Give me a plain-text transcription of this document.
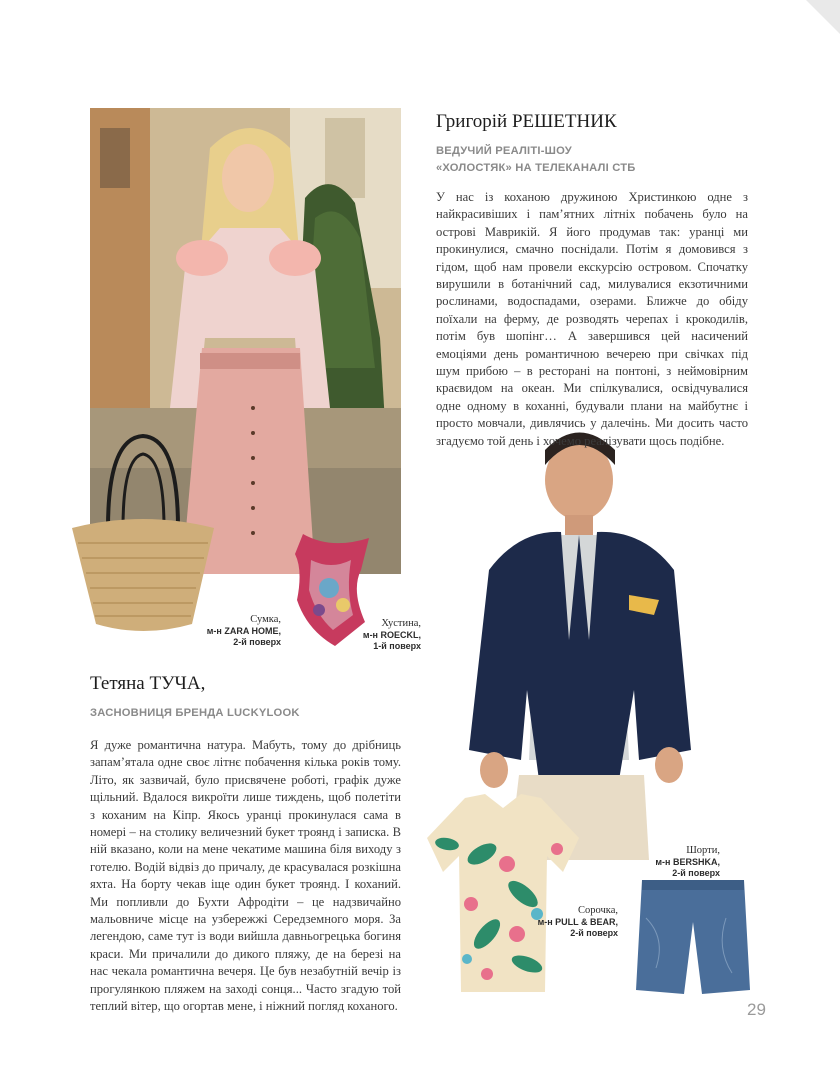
Григорій РЕШЕТНИК
ВЕДУЧИЙ РЕАЛІТІ-ШОУ
«ХОЛОСТЯК» НА ТЕЛЕКАНАЛІ СТБ

У нас із коханою дружиною Христинкою одне з найкрасивіших і пам’ятних літніх побачень було на острові Маврикій. Я його продумав так: уранці ми прокинулися, смачно поснідали. Потім я домовився з гідом, щоб нам провели екскурсію островом. Спочатку вирушили в ботанічний сад, милувалися екзотичними рослинами, водоспадами, озерами. Ближче до обіду поїхали на ферму, де розводять черепах і крокодилів, потім був шопінг… А завершився цей насичений емоціями день романтичною вечерею при свічках під шум прибою – в ресторані на понтоні, з неймовірним краєвидом на океан. Ми спілкувалися, освідчувалися одне одному в коханні, будували плани на майбутнє і просто мовчали, дивлячись у далечінь. Ми досить часто згадуємо той день і хочемо реалізувати щось подібне.

Тетяна ТУЧА,
ЗАСНОВНИЦЯ БРЕНДА LUCKYLOOK

Я дуже романтична натура. Мабуть, тому до дрібниць запам’ятала одне своє літнє побачення кілька років тому. Літо, як зазвичай, було присвячене роботі, графік дуже щільний. Вдалося викроїти лише тиждень, щоб полетіти з коханим на Кіпр. Якось уранці прокинулася сама в номері – на столику величезний букет троянд і записка. В ній вказано, коли на мене чекатиме машина біля виходу з готелю. Водій відвіз до причалу, де красувалася розкішна яхта. На борту чекав іще один букет троянд. І коханий. Ми попливли до Бухти Афродіти – це надзвичайно мальовниче місце на узбережжі Середземного моря. За легендою, саме тут із води вийшла давньогрецька богиня краси. Ми причалили до дикого пляжу, де на березі на нас чекала романтична вечеря. Це був незабутній вечір із прогулянкою пляжем на заході сонця... Часто згадую той теплий вітер, що огортав мене, і ніжний погляд коханого.

Сумка,
м-н ZARA HOME,
2-й поверх
Хустина,
м-н ROECKL,
1-й поверх
Сорочка,
м-н PULL & BEAR,
2-й поверх
Шорти,
м-н BERSHKA,
2-й поверх
29
